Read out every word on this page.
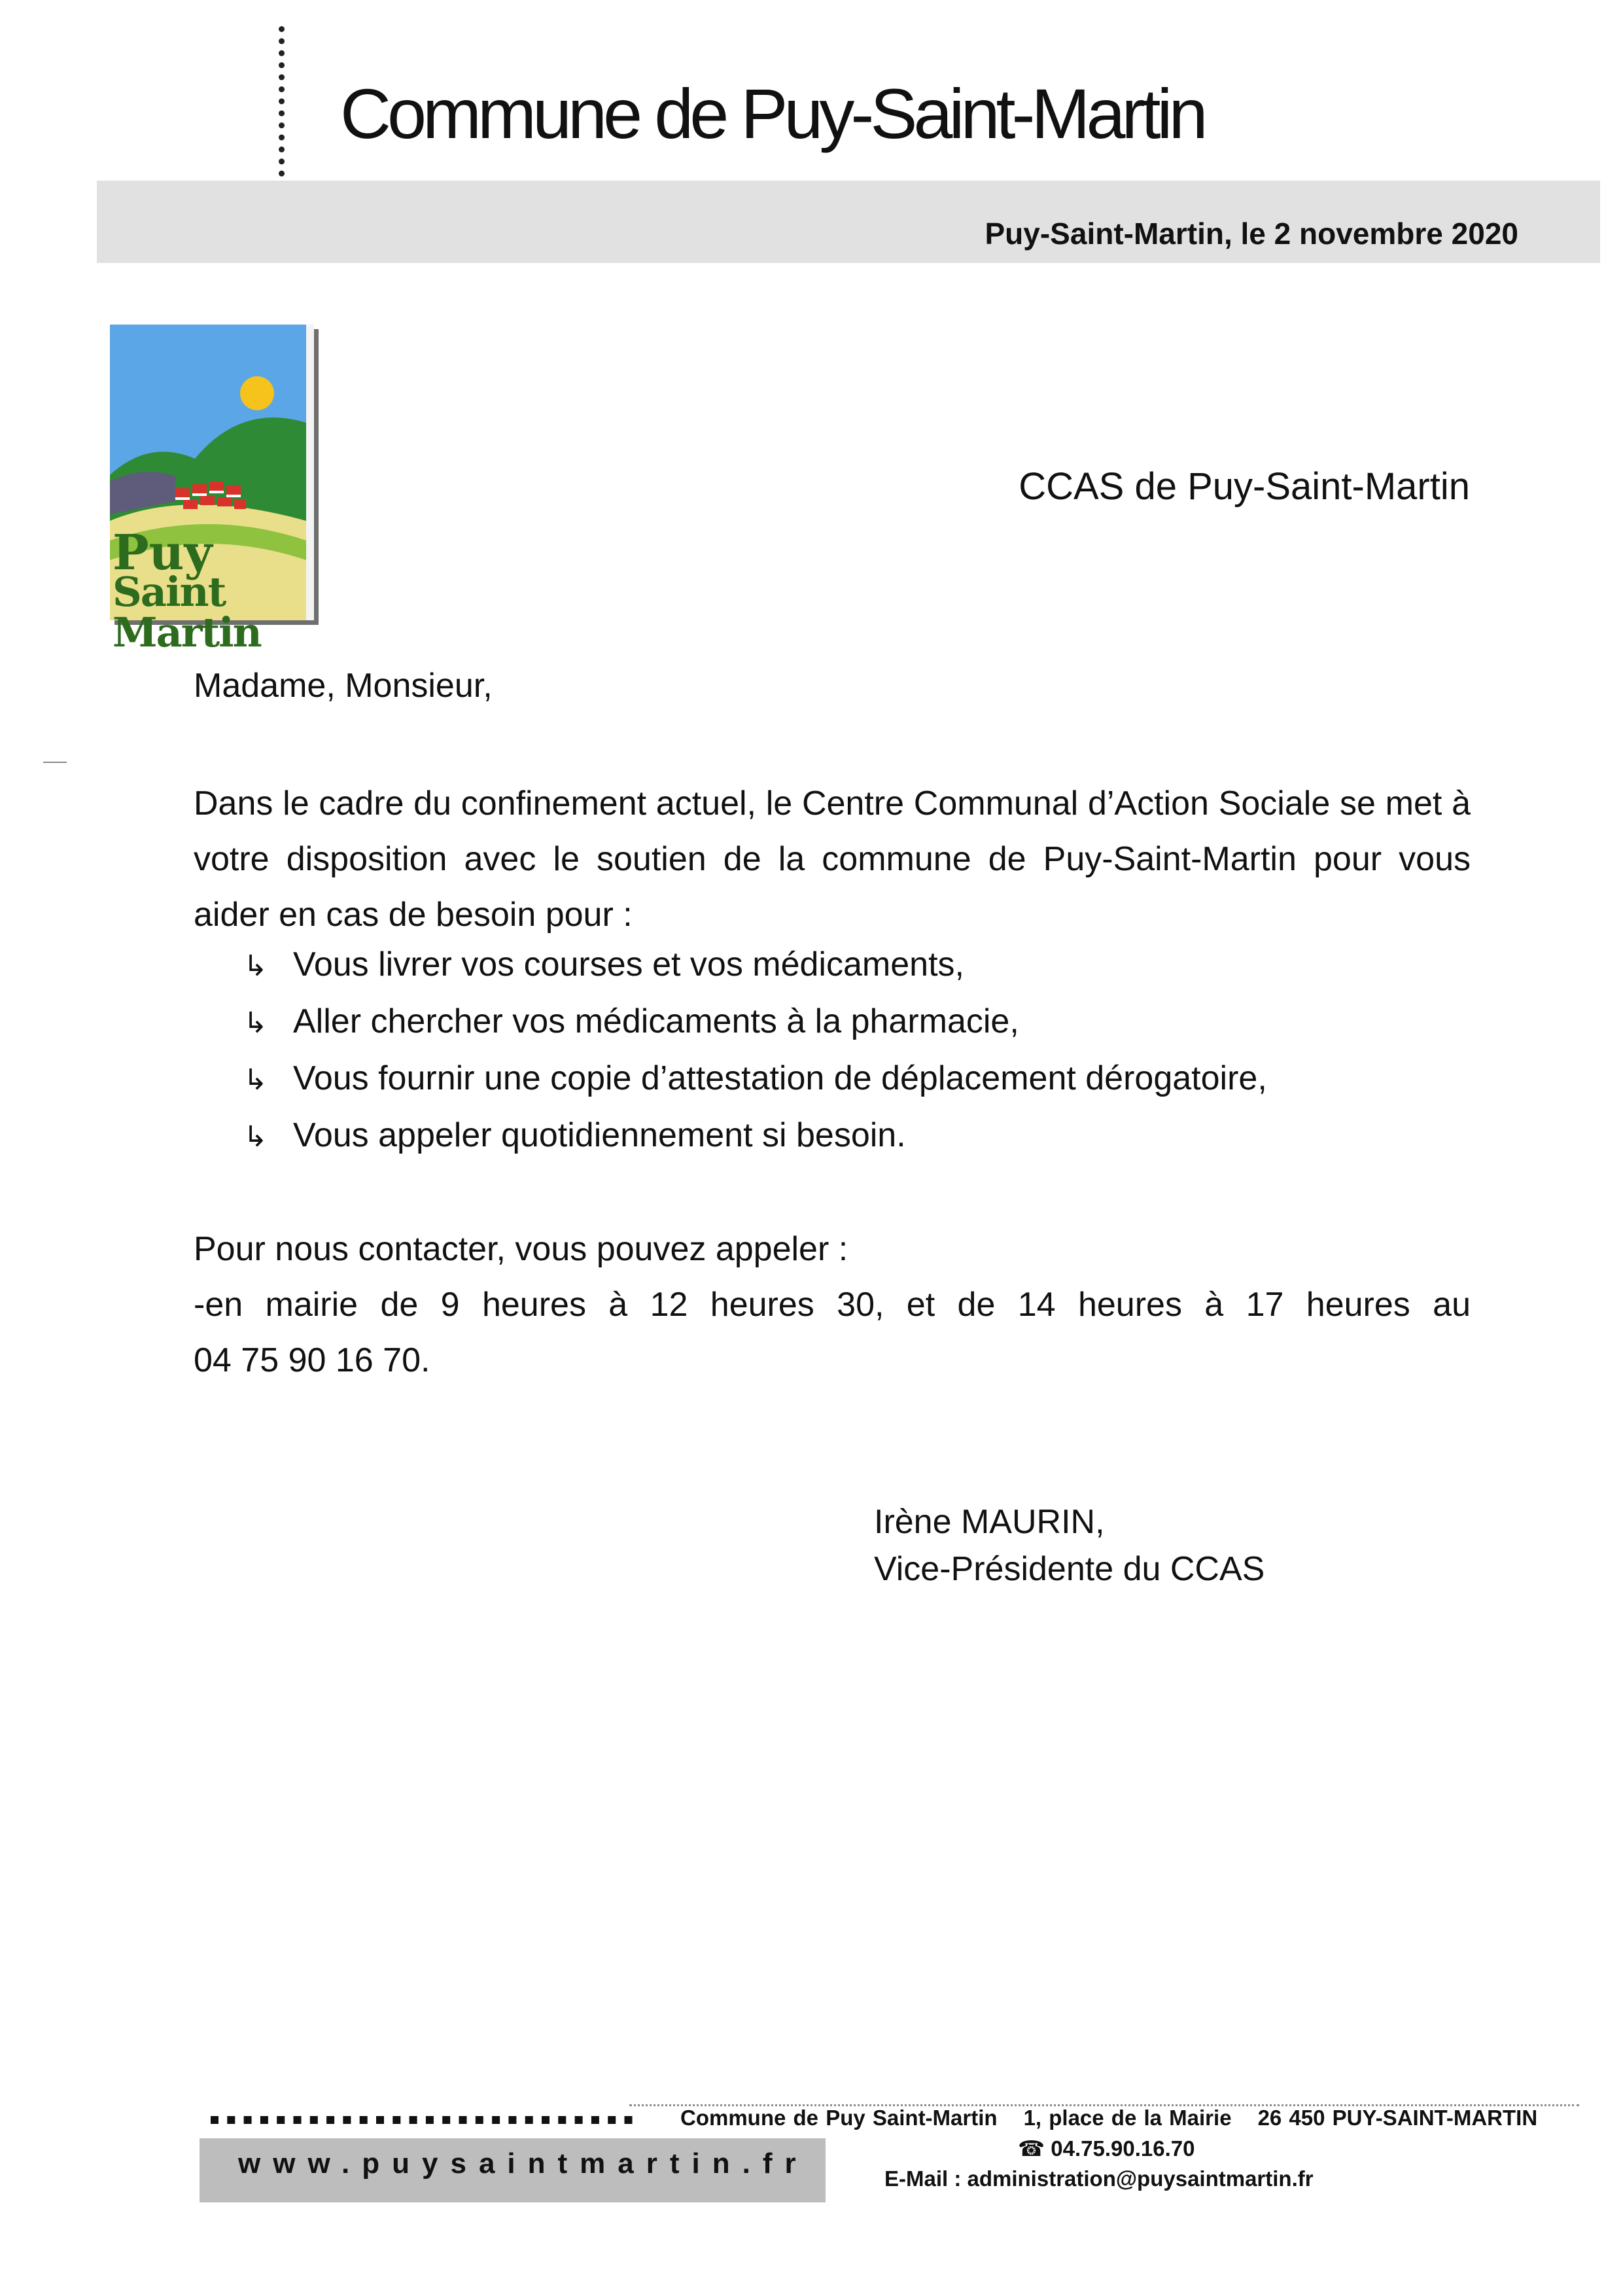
Commune de Puy-Saint-Martin
Puy-Saint-Martin, le 2 novembre 2020
Puy
Saint Martin
CCAS de Puy-Saint-Martin
Madame, Monsieur,

Dans le cadre du confinement actuel, le Centre Communal d’Action Sociale se met à votre disposition avec le soutien de la commune de Puy-Saint-Martin pour vous aider en cas de besoin pour :

↳ Vous livrer vos courses et vos médicaments,
↳ Aller chercher vos médicaments à la pharmacie,
↳ Vous fournir une copie d’attestation de déplacement dérogatoire,
↳ Vous appeler quotidiennement si besoin.
Pour nous contacter, vous pouvez appeler :
-en mairie de 9 heures à 12 heures 30, et de 14 heures à 17 heures au
04 75 90 16 70.
Irène MAURIN,
Vice-Présidente du CCAS
www.puysaintmartin.fr
Commune de Puy Saint-Martin 1, place de la Mairie 26 450 PUY-SAINT-MARTIN
☎ 04.75.90.16.70
E-Mail : administration@puysaintmartin.fr
